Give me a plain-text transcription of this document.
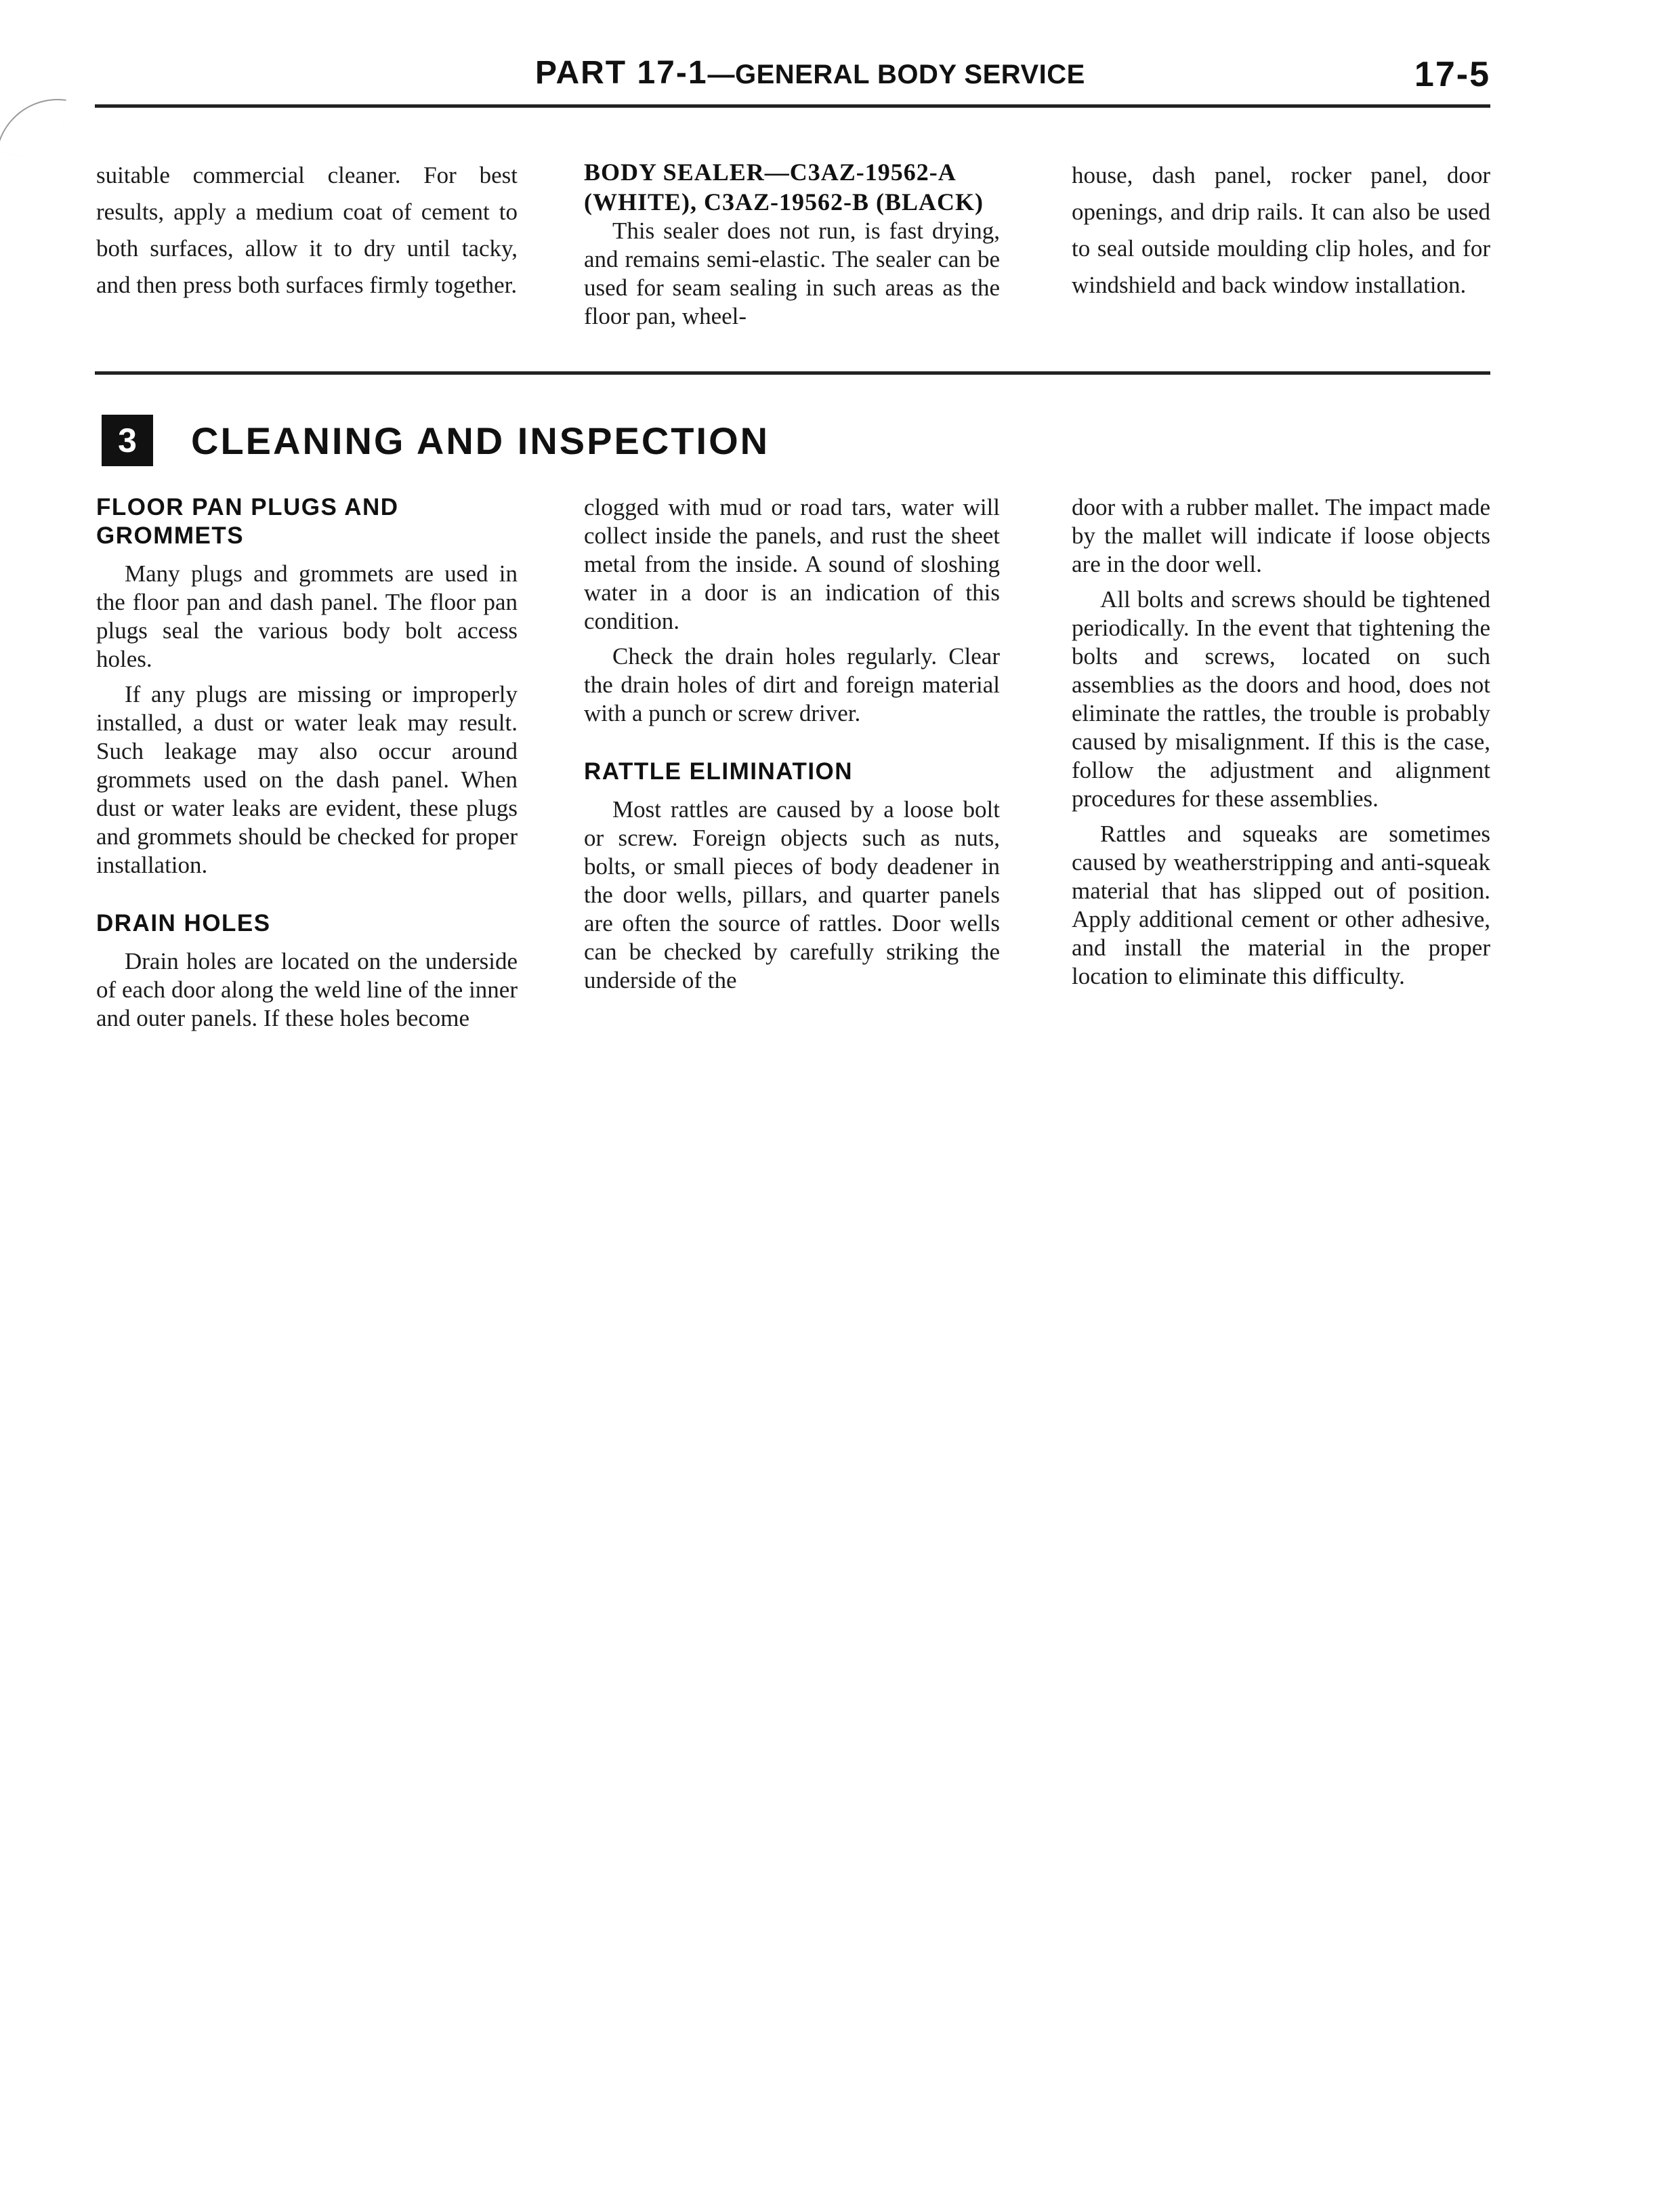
PART 17-1—GENERAL BODY SERVICE	17-5

suitable commercial cleaner. For best results, apply a medium coat of cement to both surfaces, allow it to dry until tacky, and then press both surfaces firmly together.

BODY SEALER—C3AZ-19562-A (WHITE), C3AZ-19562-B (BLACK)

This sealer does not run, is fast drying, and remains semi-elastic. The sealer can be used for seam sealing in such areas as the floor pan, wheel-

house, dash panel, rocker panel, door openings, and drip rails. It can also be used to seal outside moulding clip holes, and for windshield and back window installation.

3	CLEANING AND INSPECTION
FLOOR PAN PLUGS AND GROMMETS

Many plugs and grommets are used in the floor pan and dash panel. The floor pan plugs seal the various body bolt access holes.

If any plugs are missing or improperly installed, a dust or water leak may result. Such leakage may also occur around grommets used on the dash panel. When dust or water leaks are evident, these plugs and grommets should be checked for proper installation.

DRAIN HOLES

Drain holes are located on the underside of each door along the weld line of the inner and outer panels. If these holes become

clogged with mud or road tars, water will collect inside the panels, and rust the sheet metal from the inside. A sound of sloshing water in a door is an indication of this condition.

Check the drain holes regularly. Clear the drain holes of dirt and foreign material with a punch or screw driver.

RATTLE ELIMINATION

Most rattles are caused by a loose bolt or screw. Foreign objects such as nuts, bolts, or small pieces of body deadener in the door wells, pillars, and quarter panels are often the source of rattles. Door wells can be checked by carefully striking the underside of the

door with a rubber mallet. The impact made by the mallet will indicate if loose objects are in the door well.

All bolts and screws should be tightened periodically. In the event that tightening the bolts and screws, located on such assemblies as the doors and hood, does not eliminate the rattles, the trouble is probably caused by misalignment. If this is the case, follow the adjustment and alignment procedures for these assemblies.

Rattles and squeaks are sometimes caused by weatherstripping and anti-squeak material that has slipped out of position. Apply additional cement or other adhesive, and install the material in the proper location to eliminate this difficulty.
